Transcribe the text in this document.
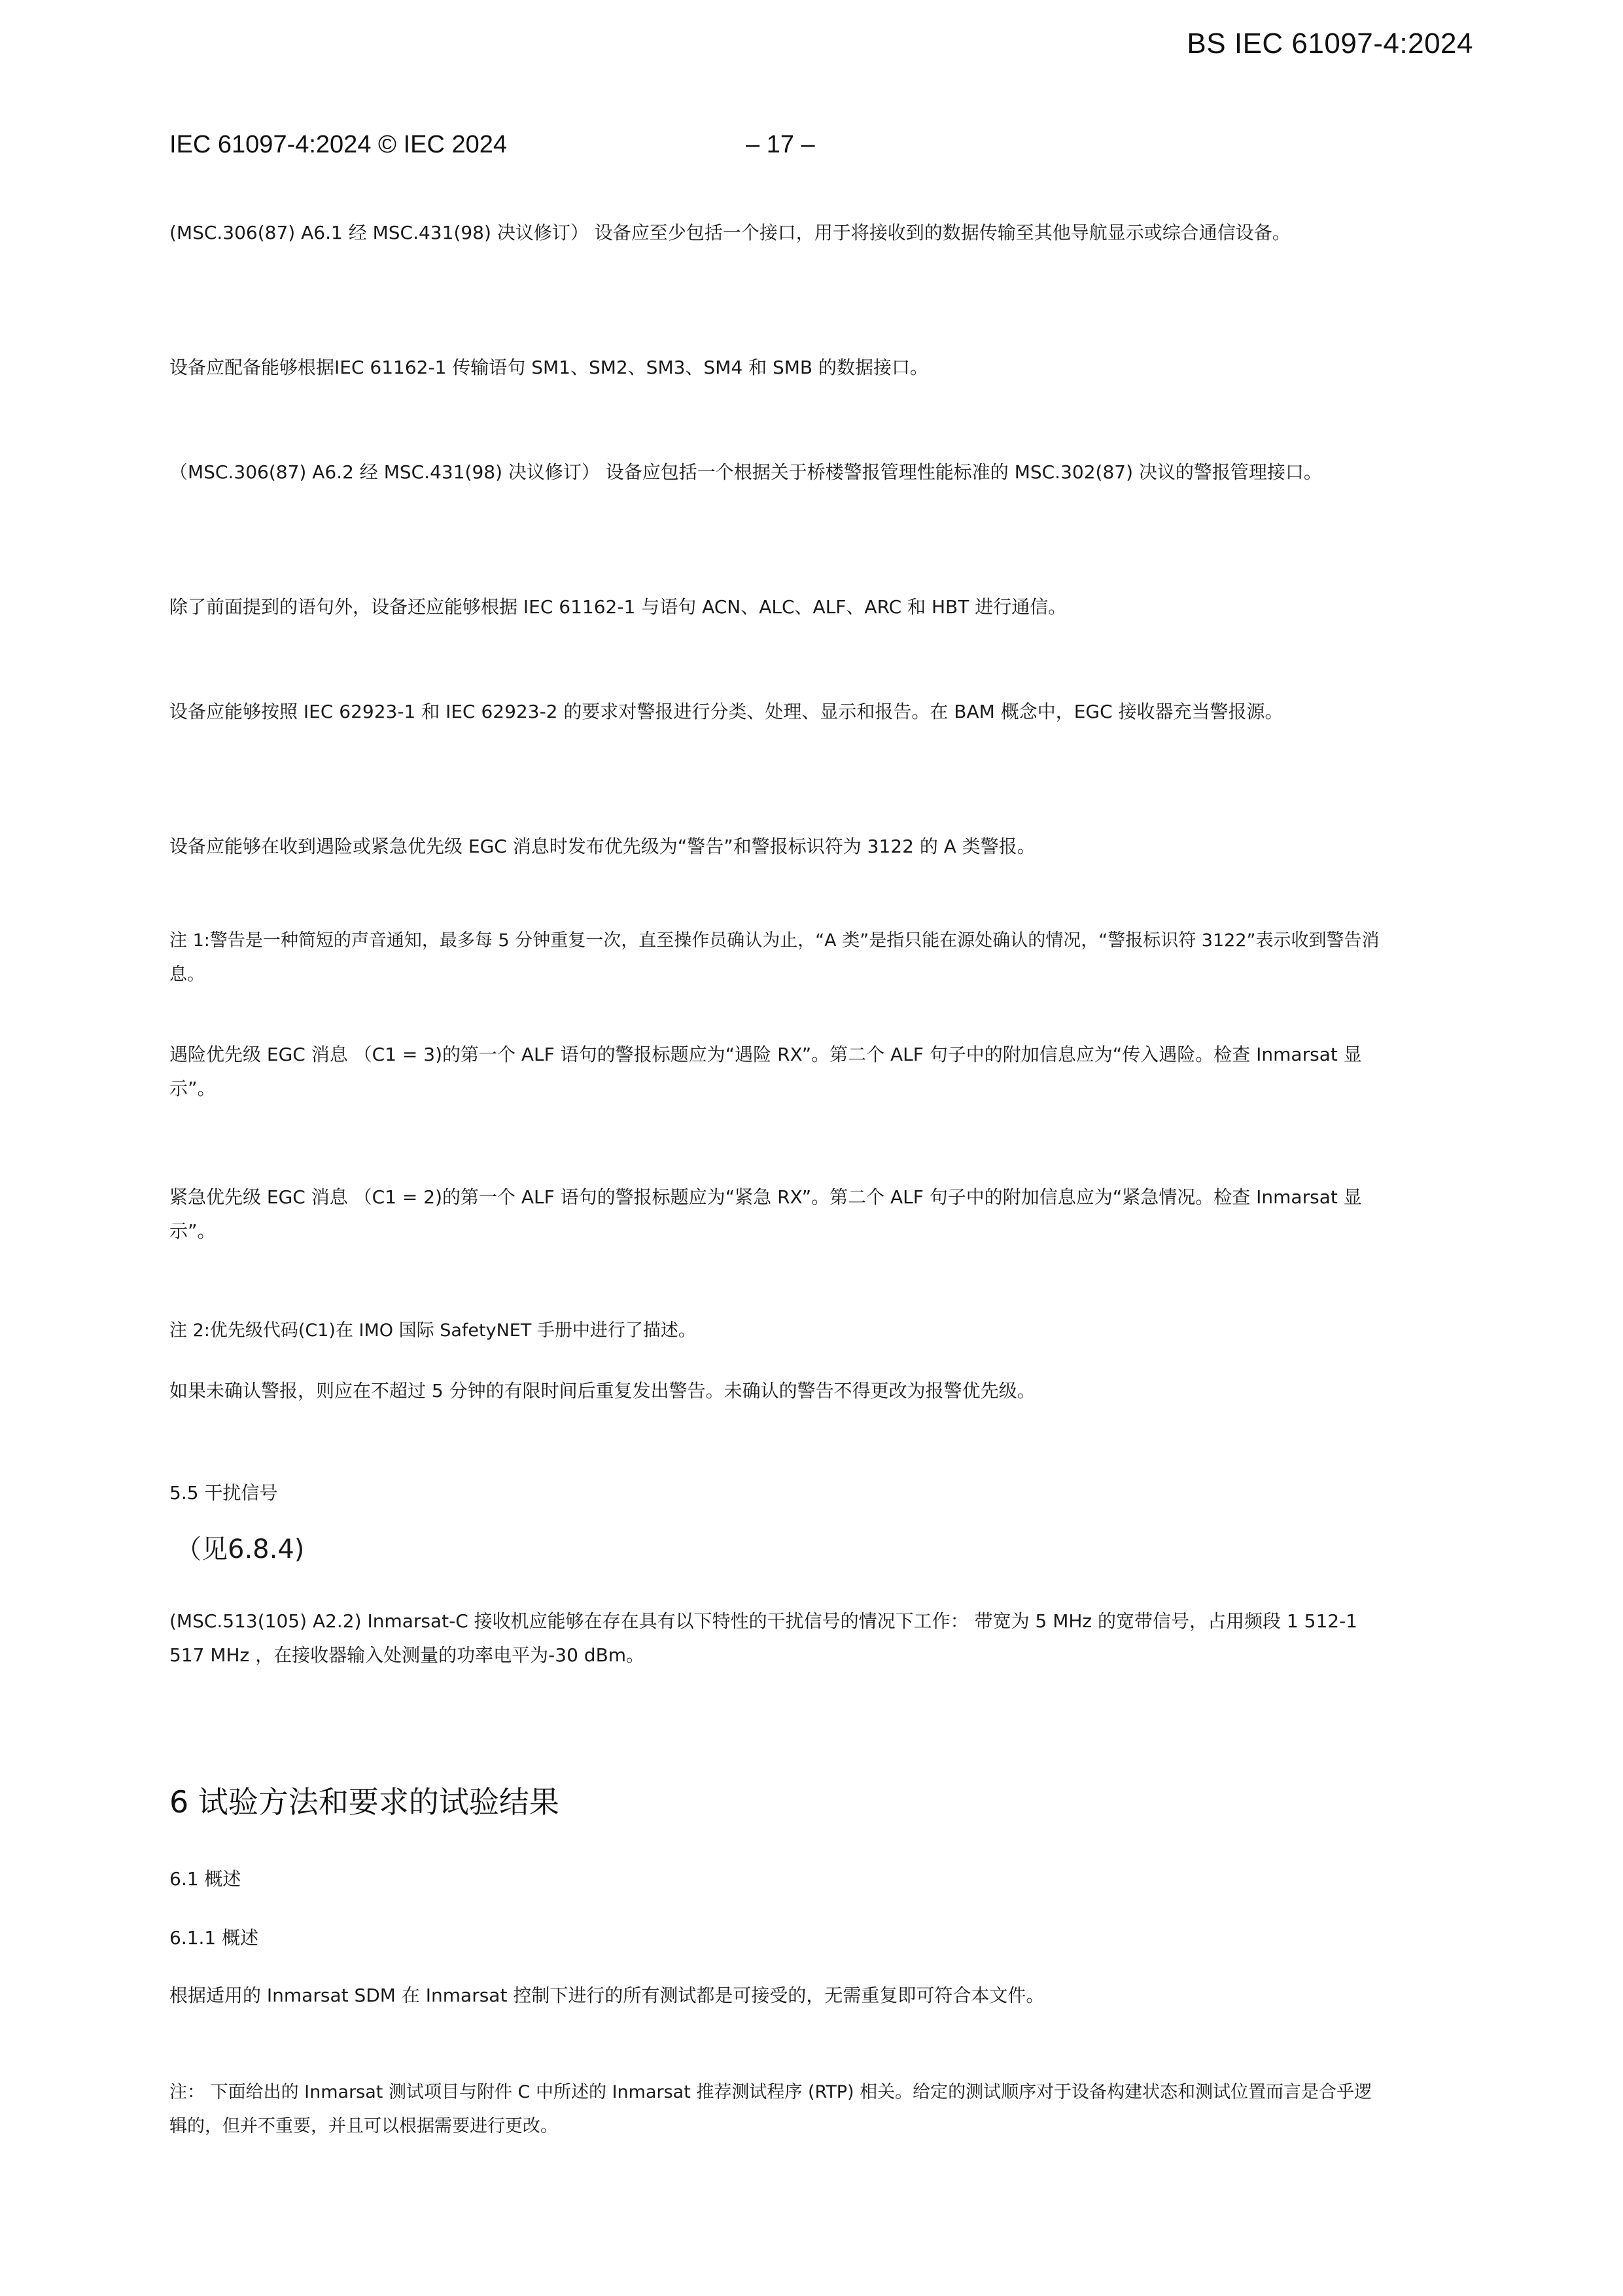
BS IEC 61097-4:2024
IEC 61097-4:2024 © IEC 2024	– 17 –

(MSC.306(87) A6.1 经 MSC.431(98) 决议修订） 设备应至少包括一个接口，用于将接收到的数据传输至其他导航显示或综合通信设备。

设备应配备能够根据IEC 61162-1 传输语句 SM1、SM2、SM3、SM4 和 SMB 的数据接口。

（MSC.306(87) A6.2 经 MSC.431(98) 决议修订） 设备应包括一个根据关于桥楼警报管理性能标准的 MSC.302(87) 决议的警报管理接口。

除了前面提到的语句外，设备还应能够根据 IEC 61162-1 与语句 ACN、ALC、ALF、ARC 和 HBT 进行通信。

设备应能够按照 IEC 62923-1 和 IEC 62923-2 的要求对警报进行分类、处理、显示和报告。在 BAM 概念中，EGC 接收器充当警报源。

设备应能够在收到遇险或紧急优先级 EGC 消息时发布优先级为“警告”和警报标识符为 3122 的 A 类警报。

注 1:警告是一种简短的声音通知，最多每 5 分钟重复一次，直至操作员确认为止，“A 类”是指只能在源处确认的情况，“警报标识符 3122”表示收到警告消
息。
遇险优先级 EGC 消息 （C1 = 3)的第一个 ALF 语句的警报标题应为“遇险 RX”。第二个 ALF 句子中的附加信息应为“传入遇险。检查 Inmarsat 显
示”。
紧急优先级 EGC 消息 （C1 = 2)的第一个 ALF 语句的警报标题应为“紧急 RX”。第二个 ALF 句子中的附加信息应为“紧急情况。检查 Inmarsat 显
示”。

注 2:优先级代码(C1)在 IMO 国际 SafetyNET 手册中进行了描述。

如果未确认警报，则应在不超过 5 分钟的有限时间后重复发出警告。未确认的警告不得更改为报警优先级。

5.5 干扰信号
（见6.8.4)
(MSC.513(105) A2.2) Inmarsat-C 接收机应能够在存在具有以下特性的干扰信号的情况下工作： 带宽为 5 MHz 的宽带信号，占用频段 1 512-1
517 MHz ，在接收器输入处测量的功率电平为-30 dBm。
6 试验方法和要求的试验结果
6.1 概述
6.1.1 概述

根据适用的 Inmarsat SDM 在 Inmarsat 控制下进行的所有测试都是可接受的，无需重复即可符合本文件。

注： 下面给出的 Inmarsat 测试项目与附件 C 中所述的 Inmarsat 推荐测试程序 (RTP) 相关。给定的测试顺序对于设备构建状态和测试位置而言是合乎逻
辑的，但并不重要，并且可以根据需要进行更改。
